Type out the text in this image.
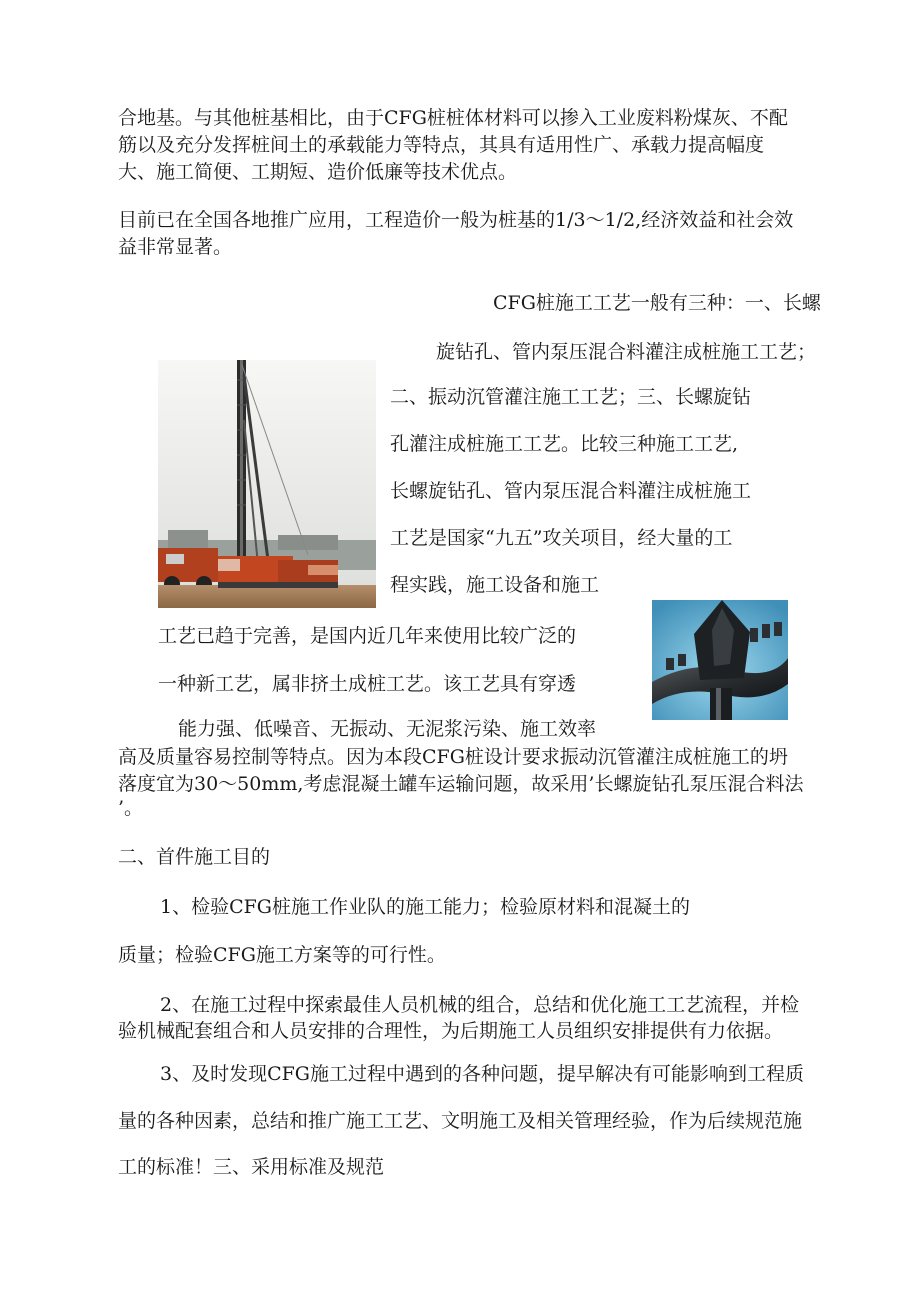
合地基。与其他桩基相比，由于CFG桩桩体材料可以掺入工业废料粉煤灰、不配
筋以及充分发挥桩间土的承载能力等特点，其具有适用性广、承载力提高幅度
大、施工简便、工期短、造价低廉等技术优点。
目前已在全国各地推广应用，工程造价一般为桩基的1/3～1/2,经济效益和社会效
益非常显著。
CFG桩施工工艺一般有三种：一、长螺
旋钻孔、管内泵压混合料灌注成桩施工工艺；
二、振动沉管灌注施工工艺；三、长螺旋钻
孔灌注成桩施工工艺。比较三种施工工艺,
长螺旋钻孔、管内泵压混合料灌注成桩施工
工艺是国家“九五”攻关项目，经大量的工
程实践，施工设备和施工
工艺已趋于完善，是国内近几年来使用比较广泛的
一种新工艺，属非挤土成桩工艺。该工艺具有穿透
能力强、低噪音、无振动、无泥浆污染、施工效率
高及质量容易控制等特点。因为本段CFG桩设计要求振动沉管灌注成桩施工的坍
落度宜为30～50mm,考虑混凝土罐车运输问题，故采用’长螺旋钻孔泵压混合料法
’。
二、首件施工目的
1、检验CFG桩施工作业队的施工能力；检验原材料和混凝土的
质量；检验CFG施工方案等的可行性。
2、在施工过程中探索最佳人员机械的组合，总结和优化施工工艺流程，并检
验机械配套组合和人员安排的合理性，为后期施工人员组织安排提供有力依据。
3、及时发现CFG施工过程中遇到的各种问题，提早解决有可能影响到工程质
量的各种因素，总结和推广施工工艺、文明施工及相关管理经验，作为后续规范施
工的标准！三、采用标准及规范
